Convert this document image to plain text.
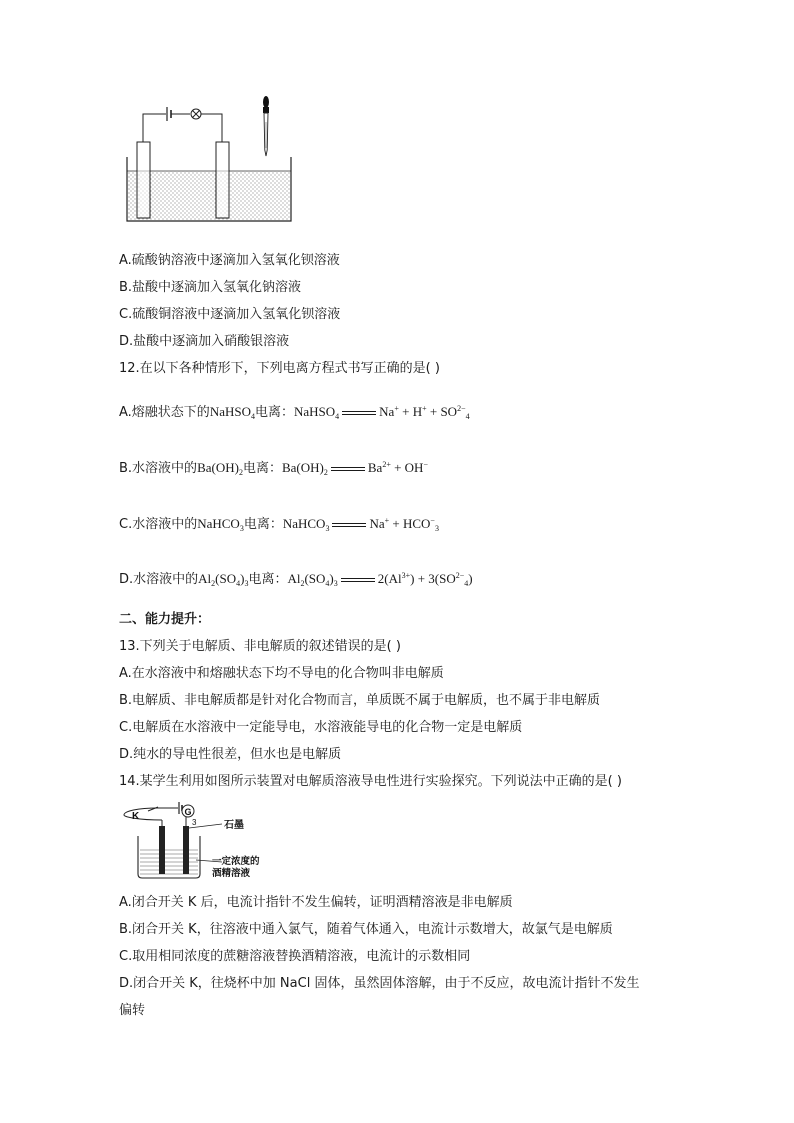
A.硫酸钠溶液中逐滴加入氢氧化钡溶液
B.盐酸中逐滴加入氢氧化钠溶液
C.硫酸铜溶液中逐滴加入氢氧化钡溶液
D.盐酸中逐滴加入硝酸银溶液
12.在以下各种情形下，下列电离方程式书写正确的是( )
A.熔融状态下的NaHSO$_4$电离：NaHSO$_4$	$Na^+ + H^+ + SO^{2-}_4$
B.水溶液中的$Ba(OH)_2$电离：$Ba(OH)_2$	$Ba^{2+} + OH^-$
C.水溶液中的NaHCO$_3$电离：NaHCO$_3$	$Na^+ + HCO^-_3$
D.水溶液中的$Al_2(SO_4)_3$电离：$Al_2(SO_4)_3$	$2(Al^{3+}) + 3(SO^{2-}_4)$
二、能力提升：
13.下列关于电解质、非电解质的叙述错误的是( )
A.在水溶液中和熔融状态下均不导电的化合物叫非电解质
B.电解质、非电解质都是针对化合物而言，单质既不属于电解质，也不属于非电解质
C.电解质在水溶液中一定能导电，水溶液能导电的化合物一定是电解质
D.纯水的导电性很差，但水也是电解质
14.某学生利用如图所示装置对电解质溶液导电性进行实验探究。下列说法中正确的是( )
K	G
3	石墨
一定浓度的
酒精溶液
A.闭合开关 K 后，电流计指针不发生偏转，证明酒精溶液是非电解质
B.闭合开关 K，往溶液中通入氯气，随着气体通入，电流计示数增大，故氯气是电解质
C.取用相同浓度的蔗糖溶液替换酒精溶液，电流计的示数相同
D.闭合开关 K，往烧杯中加 NaCl 固体，虽然固体溶解，由于不反应，故电流计指针不发生
偏转
